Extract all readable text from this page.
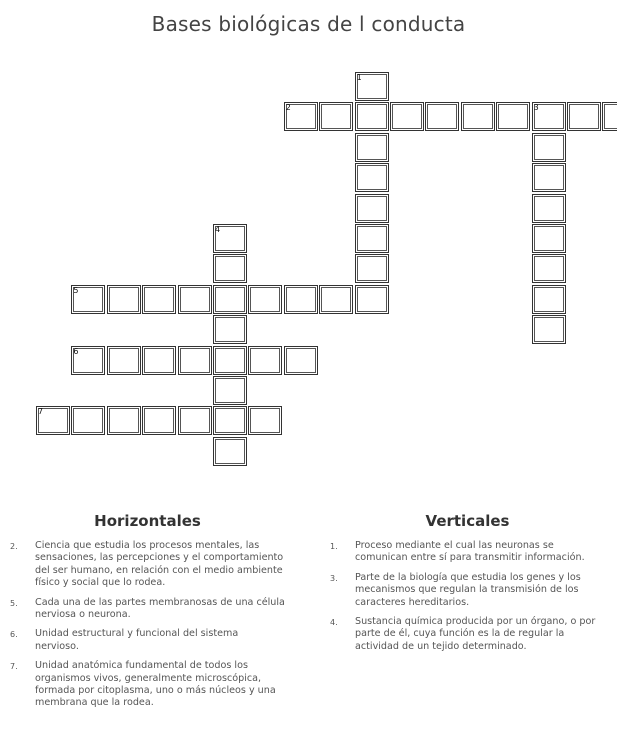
Bases biológicas de l conducta
1
2	3
4
5
6
7
Horizontales
2.	Ciencia que estudia los procesos mentales, las sensaciones, las percepciones y el comportamiento del ser humano, en relación con el medio ambiente físico y social que lo rodea.
5.	Cada una de las partes membranosas de una célula nerviosa o neurona.
6.	Unidad estructural y funcional del sistema nervioso.
7.	Unidad anatómica fundamental de todos los organismos vivos, generalmente microscópica, formada por citoplasma, uno o más núcleos y una membrana que la rodea.
Verticales
1.	Proceso mediante el cual las neuronas se comunican entre sí para transmitir información.
3.	Parte de la biología que estudia los genes y los mecanismos que regulan la transmisión de los caracteres hereditarios.
4.	Sustancia química producida por un órgano, o por parte de él, cuya función es la de regular la actividad de un tejido determinado.
